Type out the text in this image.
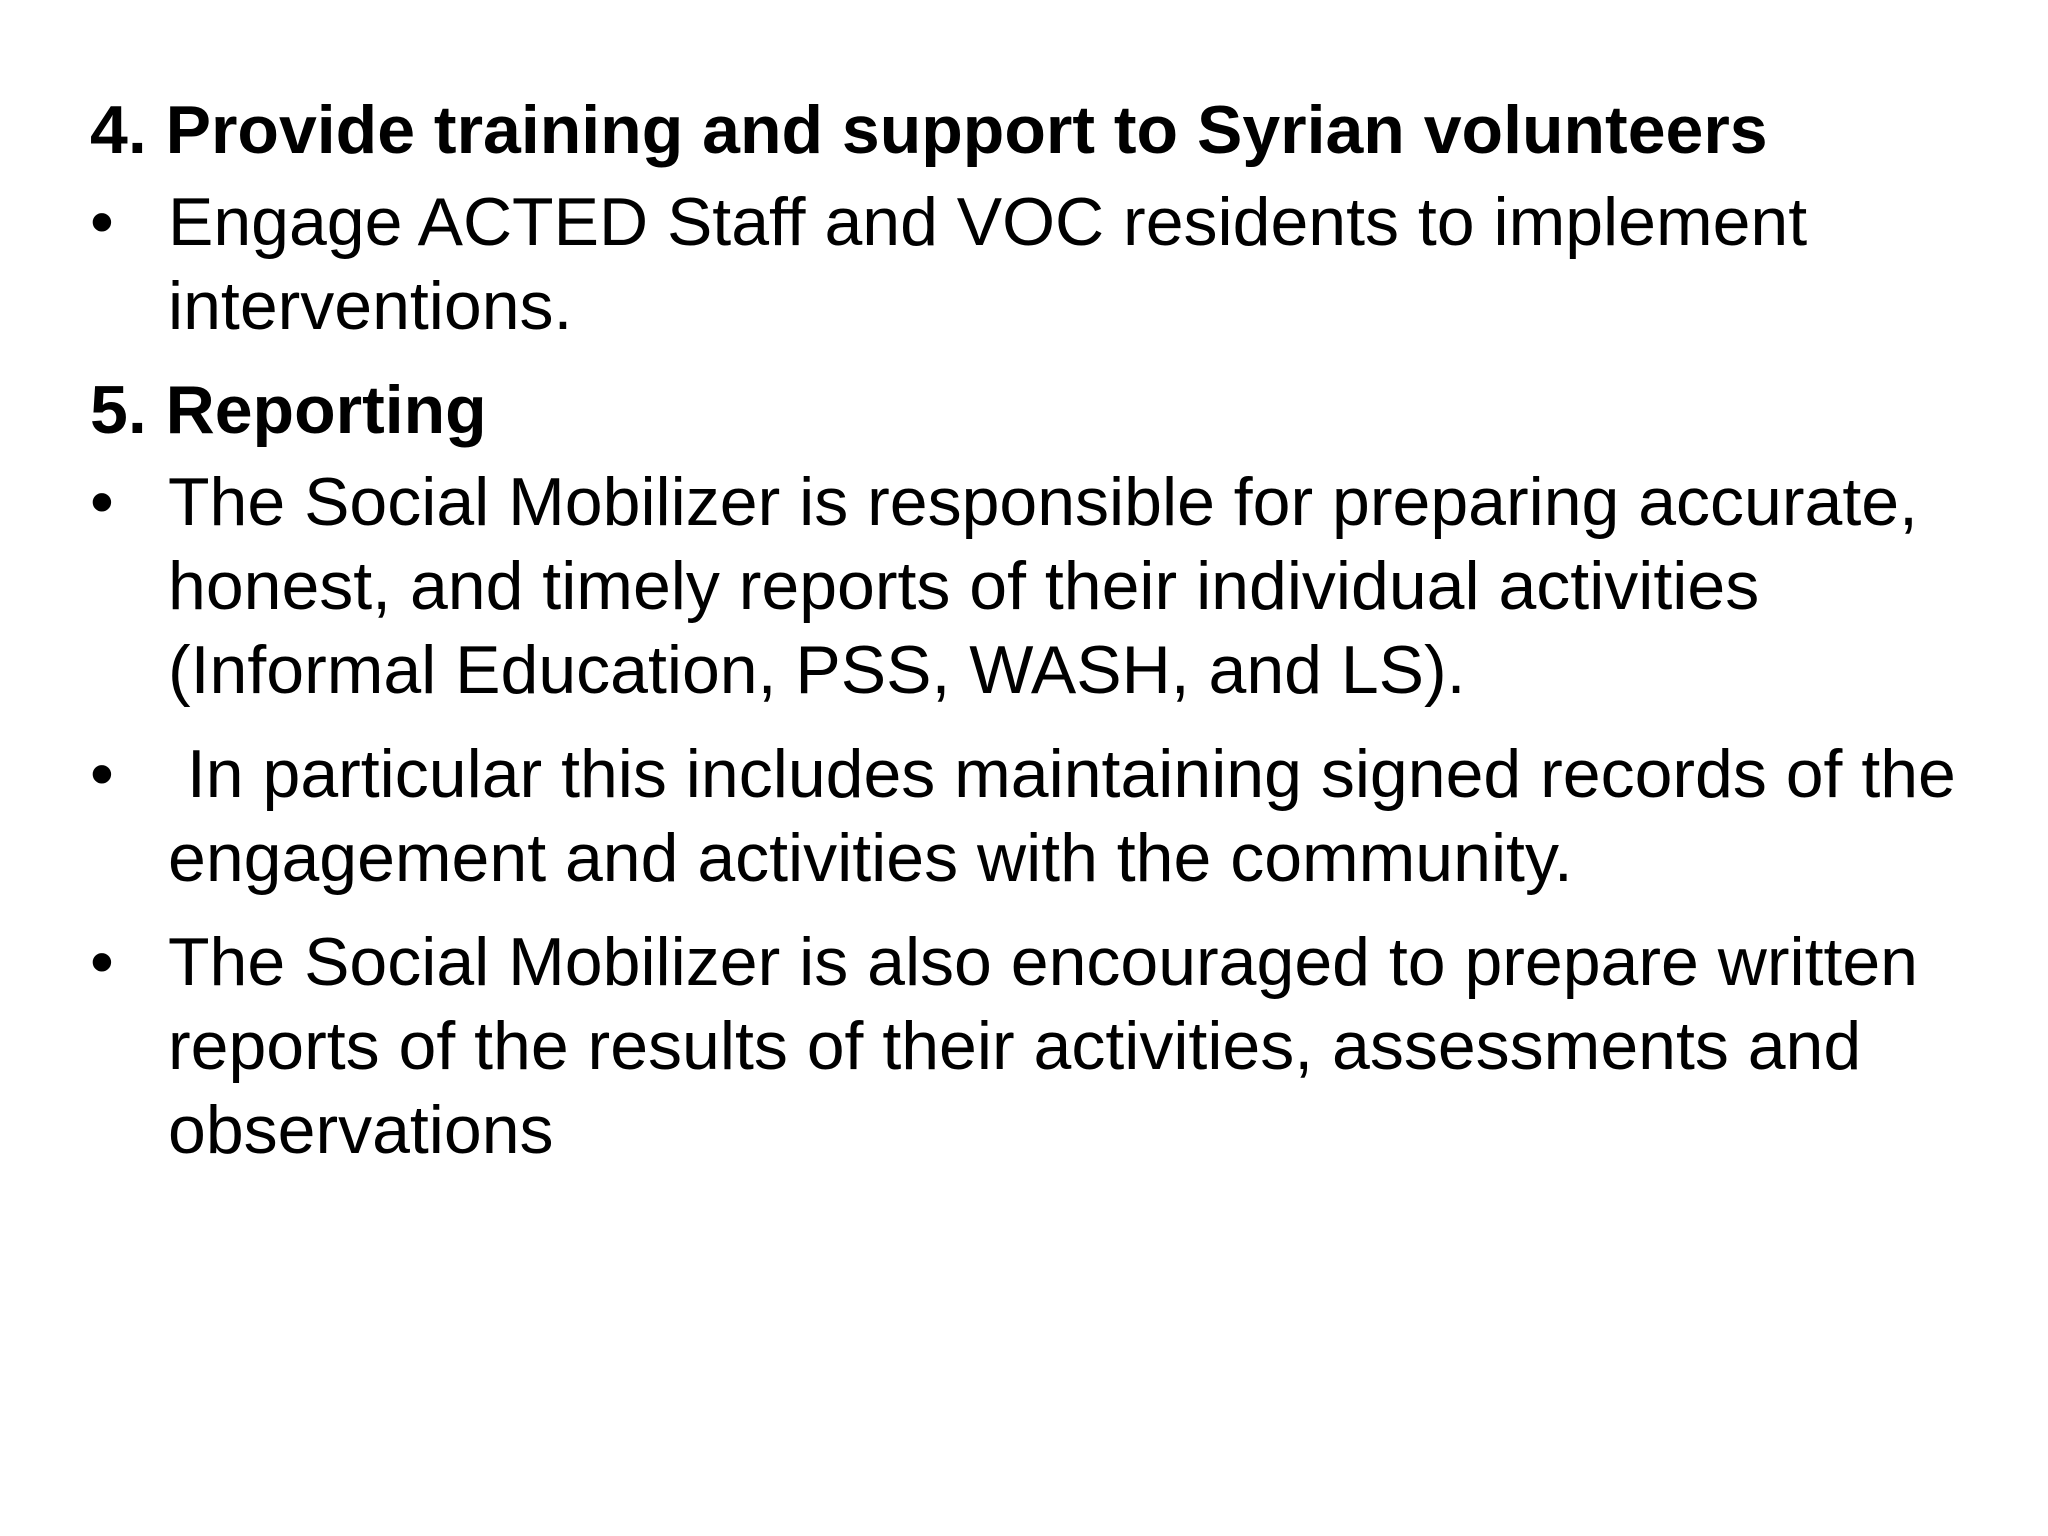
4. Provide training and support to Syrian volunteers

• Engage ACTED Staff and VOC residents to implement interventions.

5. Reporting

• The Social Mobilizer is responsible for preparing accurate, honest, and timely reports of their individual activities (Informal Education, PSS, WASH, and LS).
• In particular this includes maintaining signed records of the engagement and activities with the community.
• The Social Mobilizer is also encouraged to prepare written reports of the results of their activities, assessments and observations
